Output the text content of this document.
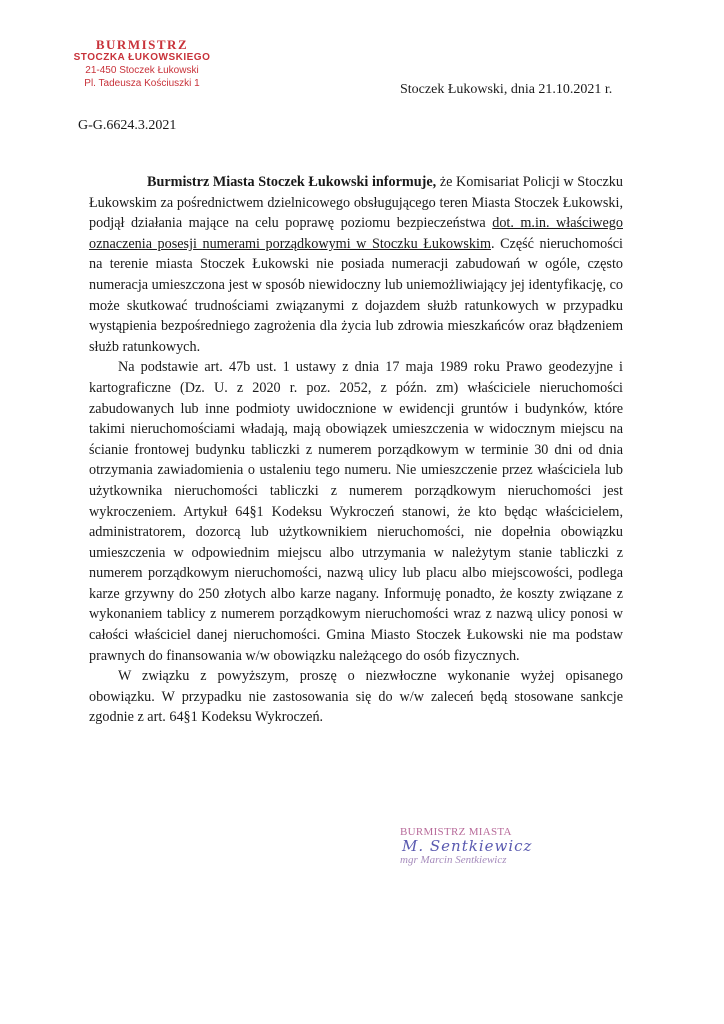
BURMISTRZ
STOCZKA ŁUKOWSKIEGO
21-450 Stoczek Łukowski
Pl. Tadeusza Kościuszki 1	Stoczek Łukowski, dnia 21.10.2021 r.
G-G.6624.3.2021

Burmistrz Miasta Stoczek Łukowski informuje, że Komisariat Policji w Stoczku Łukowskim za pośrednictwem dzielnicowego obsługującego teren Miasta Stoczek Łukowski, podjął działania mające na celu poprawę poziomu bezpieczeństwa dot. m.in. właściwego oznaczenia posesji numerami porządkowymi w Stoczku Łukowskim. Część nieruchomości na terenie miasta Stoczek Łukowski nie posiada numeracji zabudowań w ogóle, często numeracja umieszczona jest w sposób niewidoczny lub uniemożliwiający jej identyfikację, co może skutkować trudnościami związanymi z dojazdem służb ratunkowych w przypadku wystąpienia bezpośredniego zagrożenia dla życia lub zdrowia mieszkańców oraz błądzeniem służb ratunkowych.

Na podstawie art. 47b ust. 1 ustawy z dnia 17 maja 1989 roku Prawo geodezyjne i kartograficzne (Dz. U. z 2020 r. poz. 2052, z późn. zm) właściciele nieruchomości zabudowanych lub inne podmioty uwidocznione w ewidencji gruntów i budynków, które takimi nieruchomościami władają, mają obowiązek umieszczenia w widocznym miejscu na ścianie frontowej budynku tabliczki z numerem porządkowym w terminie 30 dni od dnia otrzymania zawiadomienia o ustaleniu tego numeru. Nie umieszczenie przez właściciela lub użytkownika nieruchomości tabliczki z numerem porządkowym nieruchomości jest wykroczeniem. Artykuł 64§1 Kodeksu Wykroczeń stanowi, że kto będąc właścicielem, administratorem, dozorcą lub użytkownikiem nieruchomości, nie dopełnia obowiązku umieszczenia w odpowiednim miejscu albo utrzymania w należytym stanie tabliczki z numerem porządkowym nieruchomości, nazwą ulicy lub placu albo miejscowości, podlega karze grzywny do 250 złotych albo karze nagany. Informuję ponadto, że koszty związane z wykonaniem tablicy z numerem porządkowym nieruchomości wraz z nazwą ulicy ponosi w całości właściciel danej nieruchomości. Gmina Miasto Stoczek Łukowski nie ma podstaw prawnych do finansowania w/w obowiązku należącego do osób fizycznych.

W związku z powyższym, proszę o niezwłoczne wykonanie wyżej opisanego obowiązku. W przypadku nie zastosowania się do w/w zaleceń będą stosowane sankcje zgodnie z art. 64§1 Kodeksu Wykroczeń.

BURMISTRZ MIASTA
M. Sentkiewicz
mgr Marcin Sentkiewicz
